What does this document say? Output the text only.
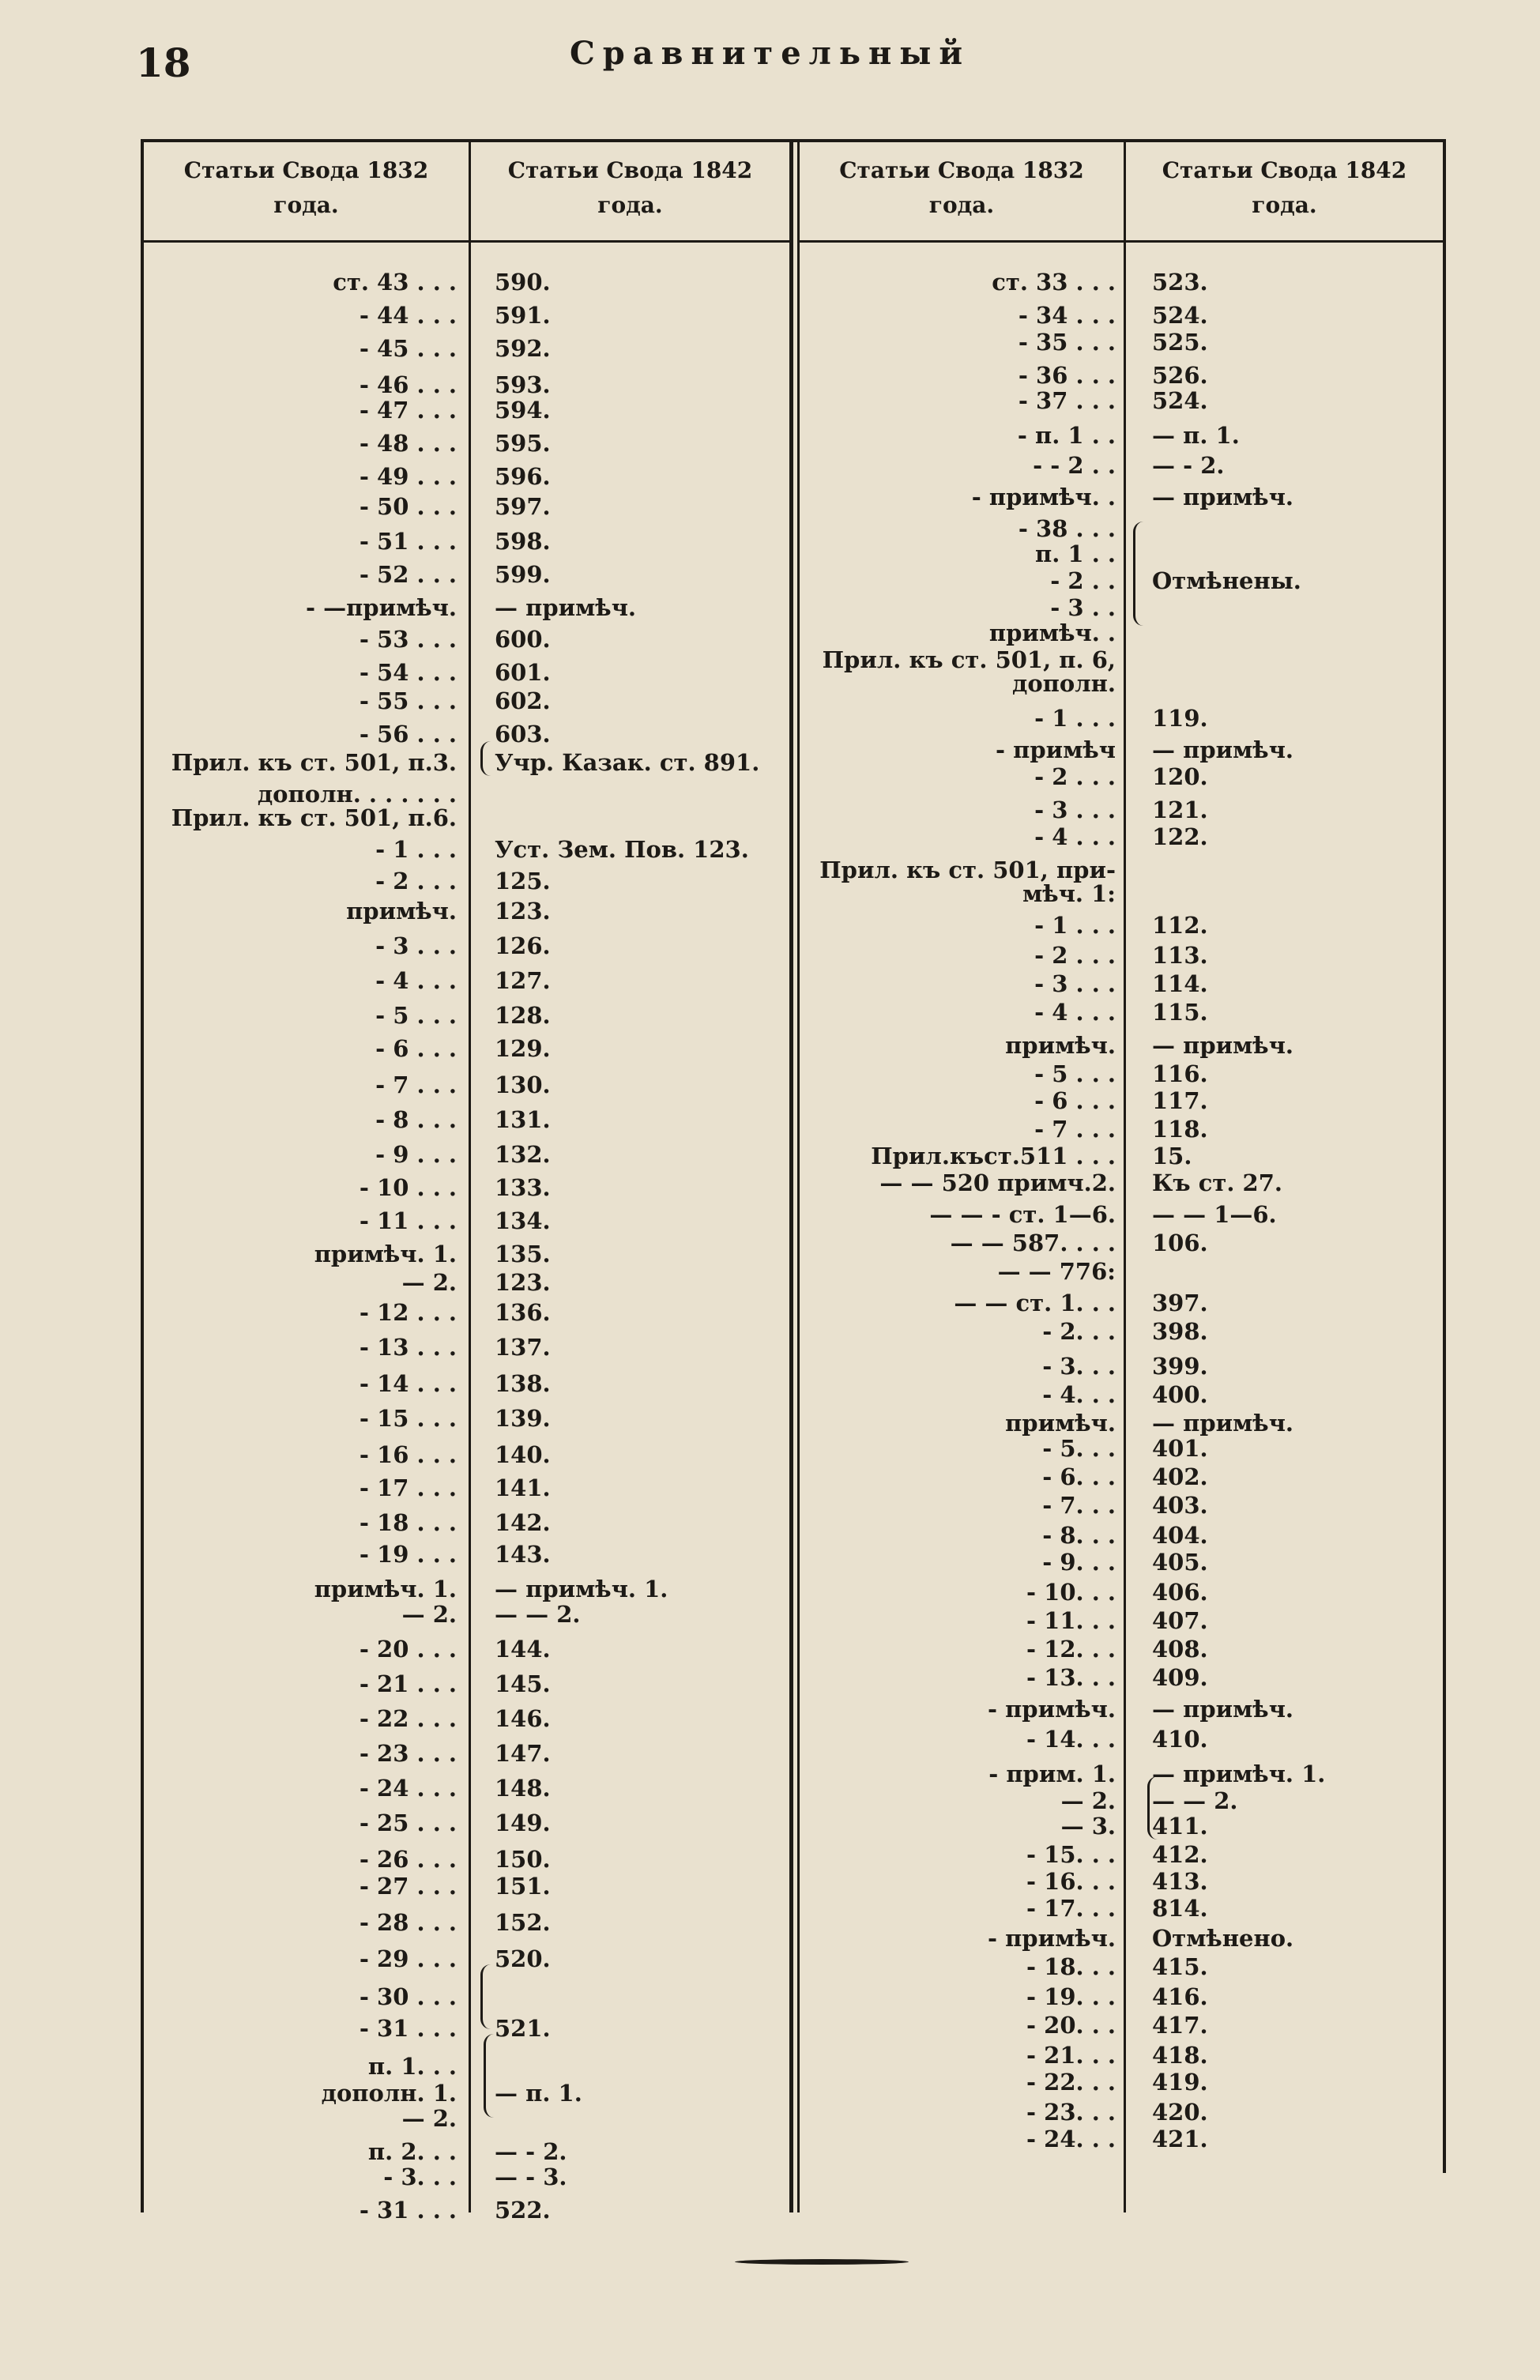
18	Сравнительный
Статьи Свода 1832
года.
Статьи Свода 1842
года.
Статьи Свода 1832
года.
Статьи Свода 1842
года.
ст. 43 . . . 590.
- 44 . . . 591.
- 45 . . . 592.
- 46 . . . 593.
- 47 . . . 594.
- 48 . . . 595.
- 49 . . . 596.
- 50 . . . 597.
- 51 . . . 598.
- 52 . . . 599.
- —примѣч. — примѣч.
- 53 . . . 600.
- 54 . . . 601.
- 55 . . . 602.
- 56 . . . 603.
Прил. къ ст. 501, п.3. Учр. Казак. ст. 891.
дополн. . . . . . .
Прил. къ ст. 501, п.6.
- 1 . . . Уст. Зем. Пов. 123.
- 2 . . . 125.
примѣч. 123.
- 3 . . . 126.
- 4 . . . 127.
- 5 . . . 128.
- 6 . . . 129.
- 7 . . . 130.
- 8 . . . 131.
- 9 . . . 132.
- 10 . . . 133.
- 11 . . . 134.
примѣч. 1. 135.
— 2. 123.
- 12 . . . 136.
- 13 . . . 137.
- 14 . . . 138.
- 15 . . . 139.
- 16 . . . 140.
- 17 . . . 141.
- 18 . . . 142.
- 19 . . . 143.
примѣч. 1. — примѣч. 1.
— 2. — — 2.
- 20 . . . 144.
- 21 . . . 145.
- 22 . . . 146.
- 23 . . . 147.
- 24 . . . 148.
- 25 . . . 149.
- 26 . . . 150.
- 27 . . . 151.
- 28 . . . 152.
- 29 . . . 520.
- 30 . . .
- 31 . . . 521.
п. 1. . .
дополн. 1. — п. 1.
— 2.
п. 2. . . — - 2.
- 3. . . — - 3.
- 31 . . . 522.
ст. 33 . . . 523.
- 34 . . . 524.
- 35 . . . 525.
- 36 . . . 526.
- 37 . . . 524.
- п. 1 . . — п. 1.
- - 2 . . — - 2.
- примѣч. . — примѣч.
- 38 . . .
п. 1 . .
- 2 . . Отмѣнены.
- 3 . .
примѣч. .
Прил. къ ст. 501, п. 6,
дополн.
- 1 . . . 119.
- примѣч — примѣч.
- 2 . . . 120.
- 3 . . . 121.
- 4 . . . 122.
Прил. къ ст. 501, при-
мѣч. 1:
- 1 . . . 112.
- 2 . . . 113.
- 3 . . . 114.
- 4 . . . 115.
примѣч. — примѣч.
- 5 . . . 116.
- 6 . . . 117.
- 7 . . . 118.
Прил.къст.511 . . . 15.
— — 520 примч.2. Къ ст. 27.
— — - ст. 1—6. — — 1—6.
— — 587. . . . 106.
— — 776:
— — ст. 1. . . 397.
- 2. . . 398.
- 3. . . 399.
- 4. . . 400.
примѣч. — примѣч.
- 5. . . 401.
- 6. . . 402.
- 7. . . 403.
- 8. . . 404.
- 9. . . 405.
- 10. . . 406.
- 11. . . 407.
- 12. . . 408.
- 13. . . 409.
- примѣч. — примѣч.
- 14. . . 410.
- прим. 1. — примѣч. 1.
— 2. — — 2.
— 3. 411.
- 15. . . 412.
- 16. . . 413.
- 17. . . 814.
- примѣч. Отмѣнено.
- 18. . . 415.
- 19. . . 416.
- 20. . . 417.
- 21. . . 418.
- 22. . . 419.
- 23. . . 420.
- 24. . . 421.
